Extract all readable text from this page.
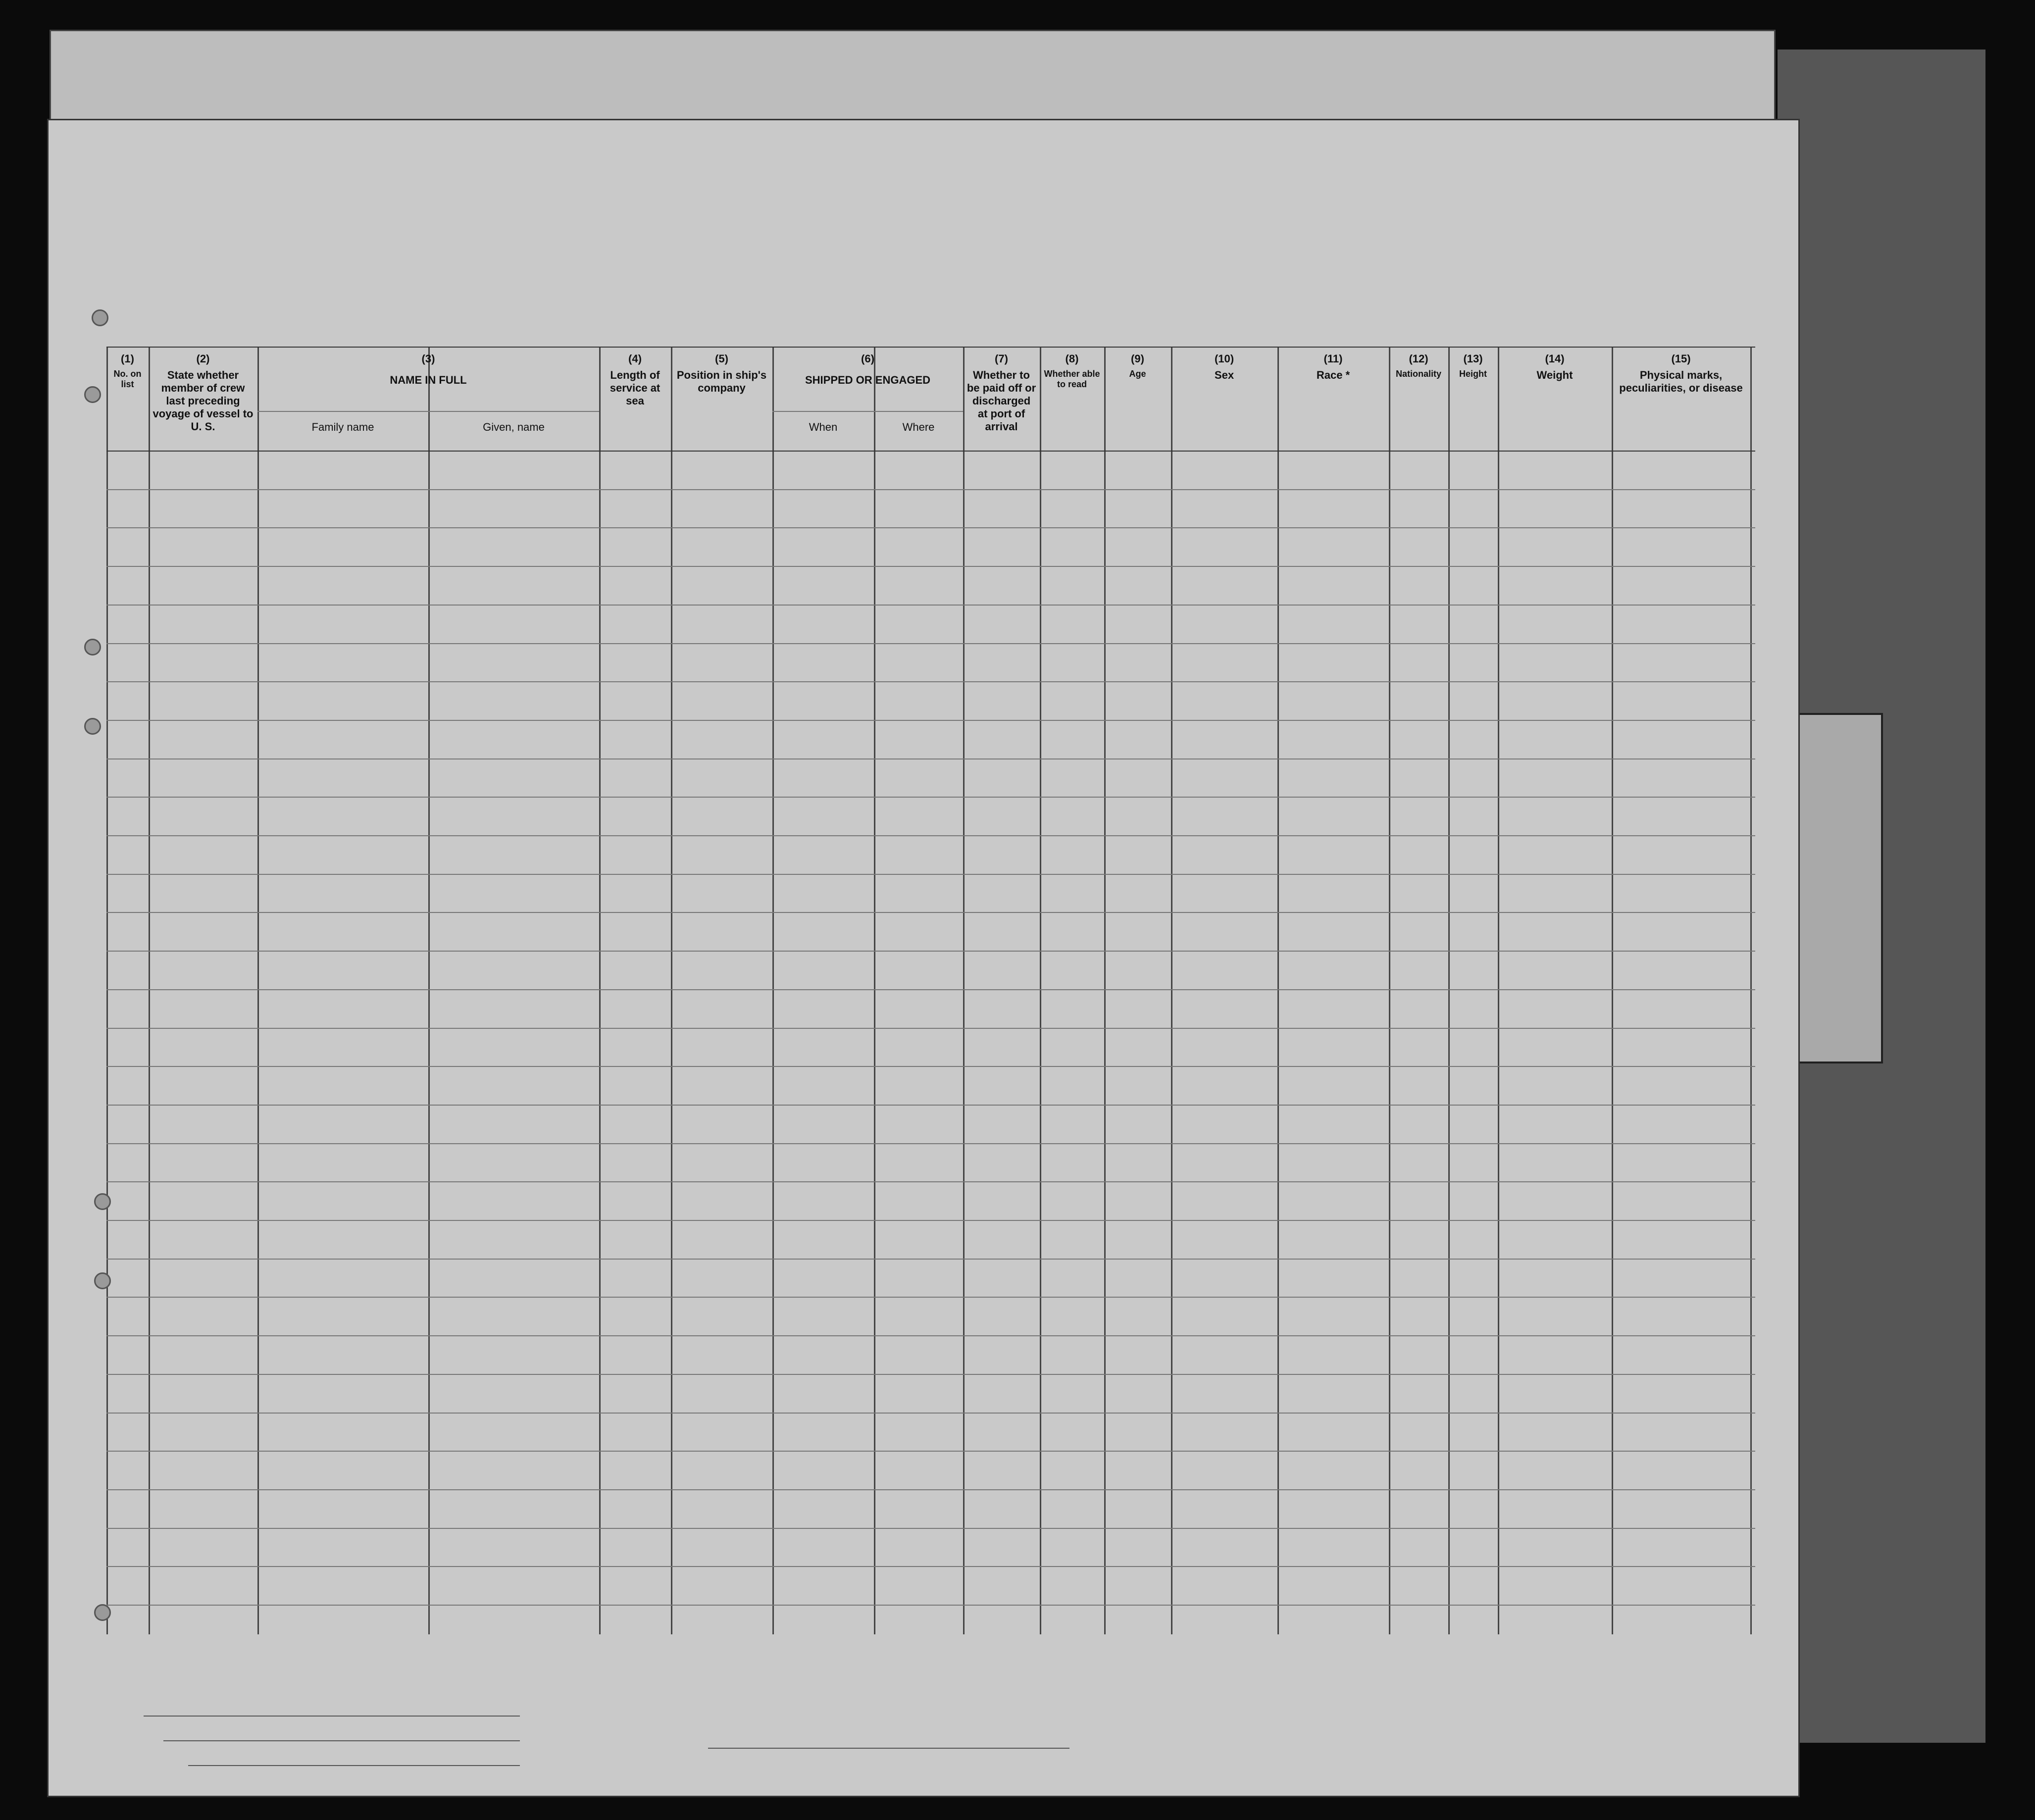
(1)
No. on list
(2)
State whether member of crew last preceding voyage of vessel to U. S.
(3)
NAME IN FULL
Family name	Given, name
(4)
Length of service at sea
(5)
Position in ship's company
(6)
SHIPPED OR ENGAGED
When	Where
(7)
Whether to be paid off or discharged at port of arrival
(8)
Whether able to read
(9)
Age
(10)
Sex
(11)
Race *
(12)
Nationality
(13)
Height
(14)
Weight
(15)
Physical marks, peculiarities, or disease
